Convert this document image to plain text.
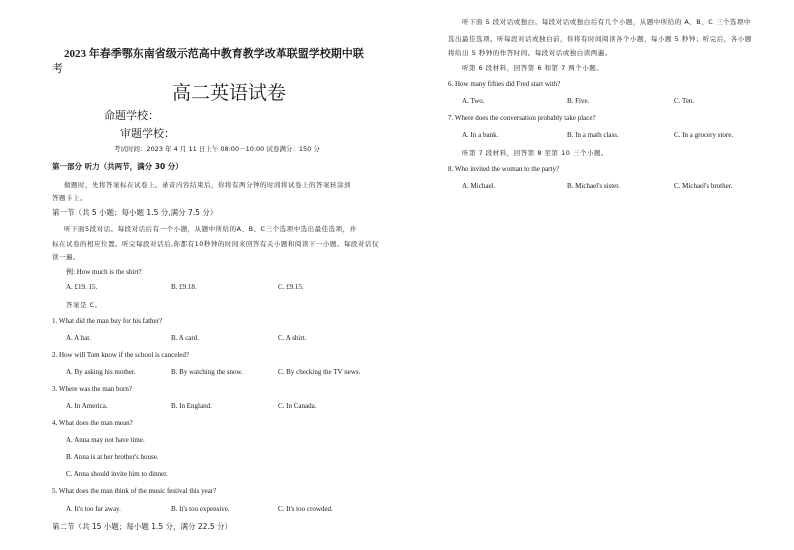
2023 年春季鄂东南省级示范高中教育教学改革联盟学校期中联
考
高二英语试卷
命题学校：
审题学校：
考试时间：2023 年 4 月 11 日上午 08:00－10:00 试卷满分：150 分
第一部分 听力（共两节，满分 30 分）
做题时，先将答案标在试卷上。录音内容结束后，你将有两分钟的时间将试卷上的答案转涂到
答题卡上。
第一节（共 5 小题；每小题 1.5 分,满分 7.5 分）
听下面5段对话。每段对话后有一个小题，从题中所给的A、B、C三个选项中选出最佳选项，并
标在试卷的相应位置。听完每段对话后,你都有10秒钟的时间来回答有关小题和阅读下一小题。每段对话仅
读一遍。
例: How much is the shirt?
A. £19. 15.	B. £9.18.	C. £9.15.
答案是 C。
1. What did the man buy for his father?
A. A hat.	B. A card.	C. A shirt.
2. How will Tom know if the school is canceled?
A. By asking his mother.	B. By watching the snow.	C. By checking the TV news.
3. Where was the man born?
A. In America.	B. In England.	C. In Canada.
4. What does the man mean?
A. Anna may not have time.
B. Anna is at her brother's house.
C. Anna should invite him to dinner.
5. What does the man think of the music festival this year?
A. It's too far away.	B. It's too expensive.	C. It's too crowded.
第二节（共 15 小题；每小题 1.5 分，满分 22.5 分）
听下面 5 段对话或独白。每段对话或独白后有几个小题，从题中所给的 A、B、C 三个选项中
选出最佳选项。听每段对话或独白前，你将有时间阅读各个小题，每小题 5 秒钟；听完后，各小题
将给出 5 秒钟的作答时间。每段对话或独白读两遍。
听第 6 段材料，回答第 6 和第 7 两个小题。
6. How many fifties did Fred start with?
A. Two.	B. Five.	C. Ten.
7. Where does the conversation probably take place?
A. In a bank.	B. In a math class.	C. In a grocery store.
听第 7 段材料，回答第 8 至第 10 三个小题。
8. Who invited the woman to the party?
A. Michael.	B. Michael's sister.	C. Michael's brother.
